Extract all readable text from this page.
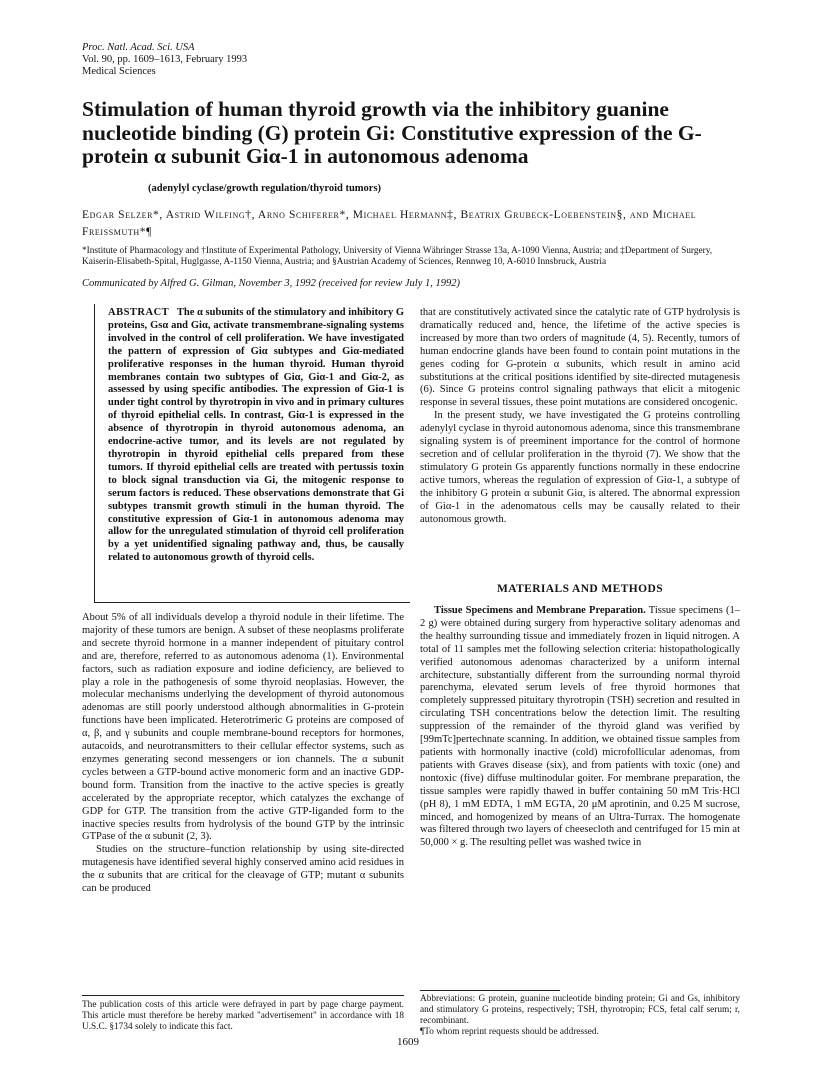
Proc. Natl. Acad. Sci. USA
Vol. 90, pp. 1609–1613, February 1993
Medical Sciences
Stimulation of human thyroid growth via the inhibitory guanine nucleotide binding (G) protein Gi: Constitutive expression of the G-protein α subunit Giα-1 in autonomous adenoma
(adenylyl cyclase/growth regulation/thyroid tumors)
Edgar Selzer*, Astrid Wilfing†, Arno Schiferer*, Michael Hermann‡, Beatrix Grubeck-Loebenstein§, and Michael Freissmuth*¶
*Institute of Pharmacology and †Institute of Experimental Pathology, University of Vienna Währinger Strasse 13a, A-1090 Vienna, Austria; and ‡Department of Surgery, Kaiserin-Elisabeth-Spital, Huglgasse, A-1150 Vienna, Austria; and §Austrian Academy of Sciences, Rennweg 10, A-6010 Innsbruck, Austria
Communicated by Alfred G. Gilman, November 3, 1992 (received for review July 1, 1992)
ABSTRACT The α subunits of the stimulatory and inhibitory G proteins, Gsα and Giα, activate transmembrane-signaling systems involved in the control of cell proliferation. We have investigated the pattern of expression of Giα subtypes and Giα-mediated proliferative responses in the human thyroid. Human thyroid membranes contain two subtypes of Giα, Giα-1 and Giα-2, as assessed by using specific antibodies. The expression of Giα-1 is under tight control by thyrotropin in vivo and in primary cultures of thyroid epithelial cells. In contrast, Giα-1 is expressed in the absence of thyrotropin in thyroid autonomous adenoma, an endocrine-active tumor, and its levels are not regulated by thyrotropin in thyroid epithelial cells prepared from these tumors. If thyroid epithelial cells are treated with pertussis toxin to block signal transduction via Gi, the mitogenic response to serum factors is reduced. These observations demonstrate that Gi subtypes transmit growth stimuli in the human thyroid. The constitutive expression of Giα-1 in autonomous adenoma may allow for the unregulated stimulation of thyroid cell proliferation by a yet unidentified signaling pathway and, thus, be causally related to autonomous growth of thyroid cells.

About 5% of all individuals develop a thyroid nodule in their lifetime. The majority of these tumors are benign. A subset of these neoplasms proliferate and secrete thyroid hormone in a manner independent of pituitary control and are, therefore, referred to as autonomous adenoma (1). Environmental factors, such as radiation exposure and iodine deficiency, are believed to play a role in the pathogenesis of some thyroid neoplasias. However, the molecular mechanisms underlying the development of thyroid autonomous adenomas are still poorly understood although abnormalities in G-protein functions have been implicated. Heterotrimeric G proteins are composed of α, β, and γ subunits and couple membrane-bound receptors for hormones, autacoids, and neurotransmitters to their cellular effector systems, such as enzymes generating second messengers or ion channels. The α subunit cycles between a GTP-bound active monomeric form and an inactive GDP-bound form. Transition from the inactive to the active species is greatly accelerated by the appropriate receptor, which catalyzes the exchange of GDP for GTP. The transition from the active GTP-liganded form to the inactive species results from hydrolysis of the bound GTP by the intrinsic GTPase of the α subunit (2, 3).

Studies on the structure–function relationship by using site-directed mutagenesis have identified several highly conserved amino acid residues in the α subunits that are critical for the cleavage of GTP; mutant α subunits can be produced

that are constitutively activated since the catalytic rate of GTP hydrolysis is dramatically reduced and, hence, the lifetime of the active species is increased by more than two orders of magnitude (4, 5). Recently, tumors of human endocrine glands have been found to contain point mutations in the genes coding for G-protein α subunits, which result in amino acid substitutions at the critical positions identified by site-directed mutagenesis (6). Since G proteins control signaling pathways that elicit a mitogenic response in several tissues, these point mutations are considered oncogenic.

In the present study, we have investigated the G proteins controlling adenylyl cyclase in thyroid autonomous adenoma, since this transmembrane signaling system is of preeminent importance for the control of hormone secretion and of cellular proliferation in the thyroid (7). We show that the stimulatory G protein Gs apparently functions normally in these endocrine active tumors, whereas the regulation of expression of Giα-1, a subtype of the inhibitory G protein α subunit Giα, is altered. The abnormal expression of Giα-1 in the adenomatous cells may be causally related to their autonomous growth.

MATERIALS AND METHODS

Tissue Specimens and Membrane Preparation. Tissue specimens (1–2 g) were obtained during surgery from hyperactive solitary adenomas and the healthy surrounding tissue and immediately frozen in liquid nitrogen. A total of 11 samples met the following selection criteria: histopathologically verified autonomous adenomas characterized by a uniform internal architecture, substantially different from the surrounding normal thyroid parenchyma, elevated serum levels of free thyroid hormones that completely suppressed pituitary thyrotropin (TSH) secretion and resulted in circulating TSH concentrations below the detection limit. The resulting suppression of the remainder of the thyroid gland was verified by [99mTc]pertechnate scanning. In addition, we obtained tissue samples from patients with hormonally inactive (cold) microfollicular adenomas, from patients with Graves disease (six), and from patients with toxic (one) and nontoxic (five) diffuse multinodular goiter. For membrane preparation, the tissue samples were rapidly thawed in buffer containing 50 mM Tris·HCl (pH 8), 1 mM EDTA, 1 mM EGTA, 20 μM aprotinin, and 0.25 M sucrose, minced, and homogenized by means of an Ultra-Turrax. The homogenate was filtered through two layers of cheesecloth and centrifuged for 15 min at 50,000 × g. The resulting pellet was washed twice in

The publication costs of this article were defrayed in part by page charge payment. This article must therefore be hereby marked "advertisement" in accordance with 18 U.S.C. §1734 solely to indicate this fact.
Abbreviations: G protein, guanine nucleotide binding protein; Gi and Gs, inhibitory and stimulatory G proteins, respectively; TSH, thyrotropin; FCS, fetal calf serum; r, recombinant.
¶To whom reprint requests should be addressed.
1609
